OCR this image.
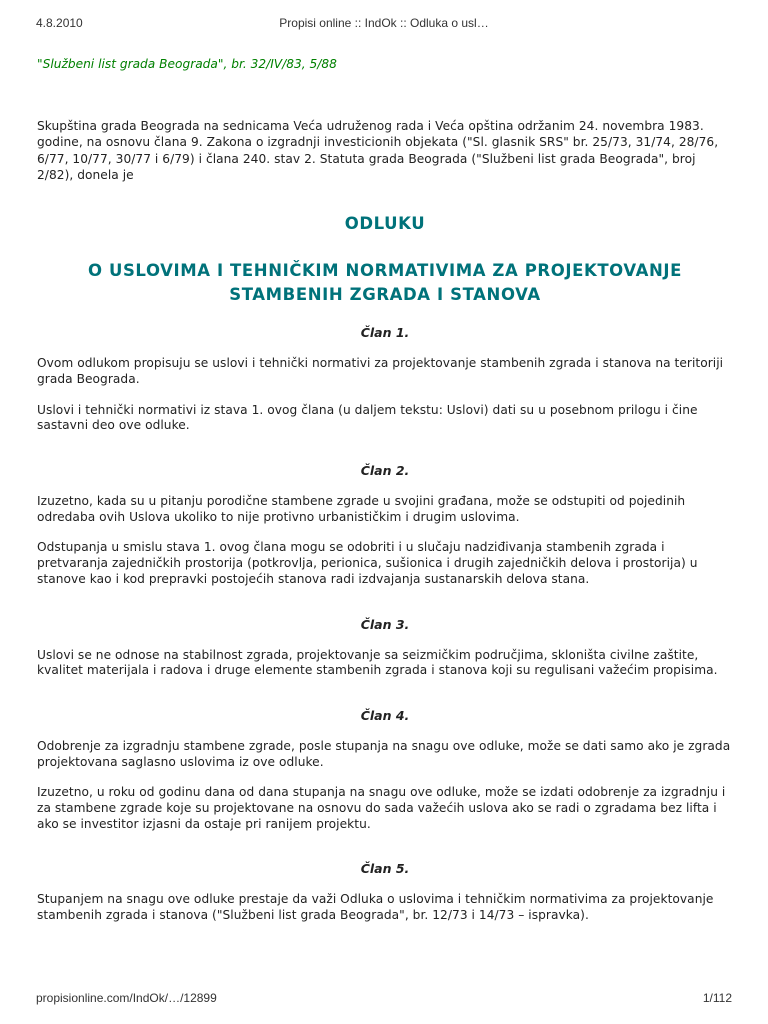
4.8.2010	Propisi online :: IndOk :: Odluka o usl…

"Službeni list grada Beograda", br. 32/IV/83, 5/88

Skupština grada Beograda na sednicama Veća udruženog rada i Veća opština održanim 24. novembra 1983. godine, na osnovu člana 9. Zakona o izgradnji investicionih objekata ("Sl. glasnik SRS" br. 25/73, 31/74, 28/76, 6/77, 10/77, 30/77 i 6/79) i člana 240. stav 2. Statuta grada Beograda ("Službeni list grada Beograda", broj 2/82), donela je

ODLUKU
O USLOVIMA I TEHNIČKIM NORMATIVIMA ZA PROJEKTOVANJE STAMBENIH ZGRADA I STANOVA
Član 1.

Ovom odlukom propisuju se uslovi i tehnički normativi za projektovanje stambenih zgrada i stanova na teritoriji grada Beograda.

Uslovi i tehnički normativi iz stava 1. ovog člana (u daljem tekstu: Uslovi) dati su u posebnom prilogu i čine sastavni deo ove odluke.

Član 2.

Izuzetno, kada su u pitanju porodične stambene zgrade u svojini građana, može se odstupiti od pojedinih odredaba ovih Uslova ukoliko to nije protivno urbanističkim i drugim uslovima.

Odstupanja u smislu stava 1. ovog člana mogu se odobriti i u slučaju nadziđivanja stambenih zgrada i pretvaranja zajedničkih prostorija (potkrovlja, perionica, sušionica i drugih zajedničkih delova i prostorija) u stanove kao i kod prepravki postojećih stanova radi izdvajanja sustanarskih delova stana.

Član 3.

Uslovi se ne odnose na stabilnost zgrada, projektovanje sa seizmičkim područjima, skloništa civilne zaštite, kvalitet materijala i radova i druge elemente stambenih zgrada i stanova koji su regulisani važećim propisima.

Član 4.

Odobrenje za izgradnju stambene zgrade, posle stupanja na snagu ove odluke, može se dati samo ako je zgrada projektovana saglasno uslovima iz ove odluke.

Izuzetno, u roku od godinu dana od dana stupanja na snagu ove odluke, može se izdati odobrenje za izgradnju i za stambene zgrade koje su projektovane na osnovu do sada važećih uslova ako se radi o zgradama bez lifta i ako se investitor izjasni da ostaje pri ranijem projektu.

Član 5.

Stupanjem na snagu ove odluke prestaje da važi Odluka o uslovima i tehničkim normativima za projektovanje stambenih zgrada i stanova ("Službeni list grada Beograda", br. 12/73 i 14/73 – ispravka).

propisionline.com/IndOk/…/12899	1/112
